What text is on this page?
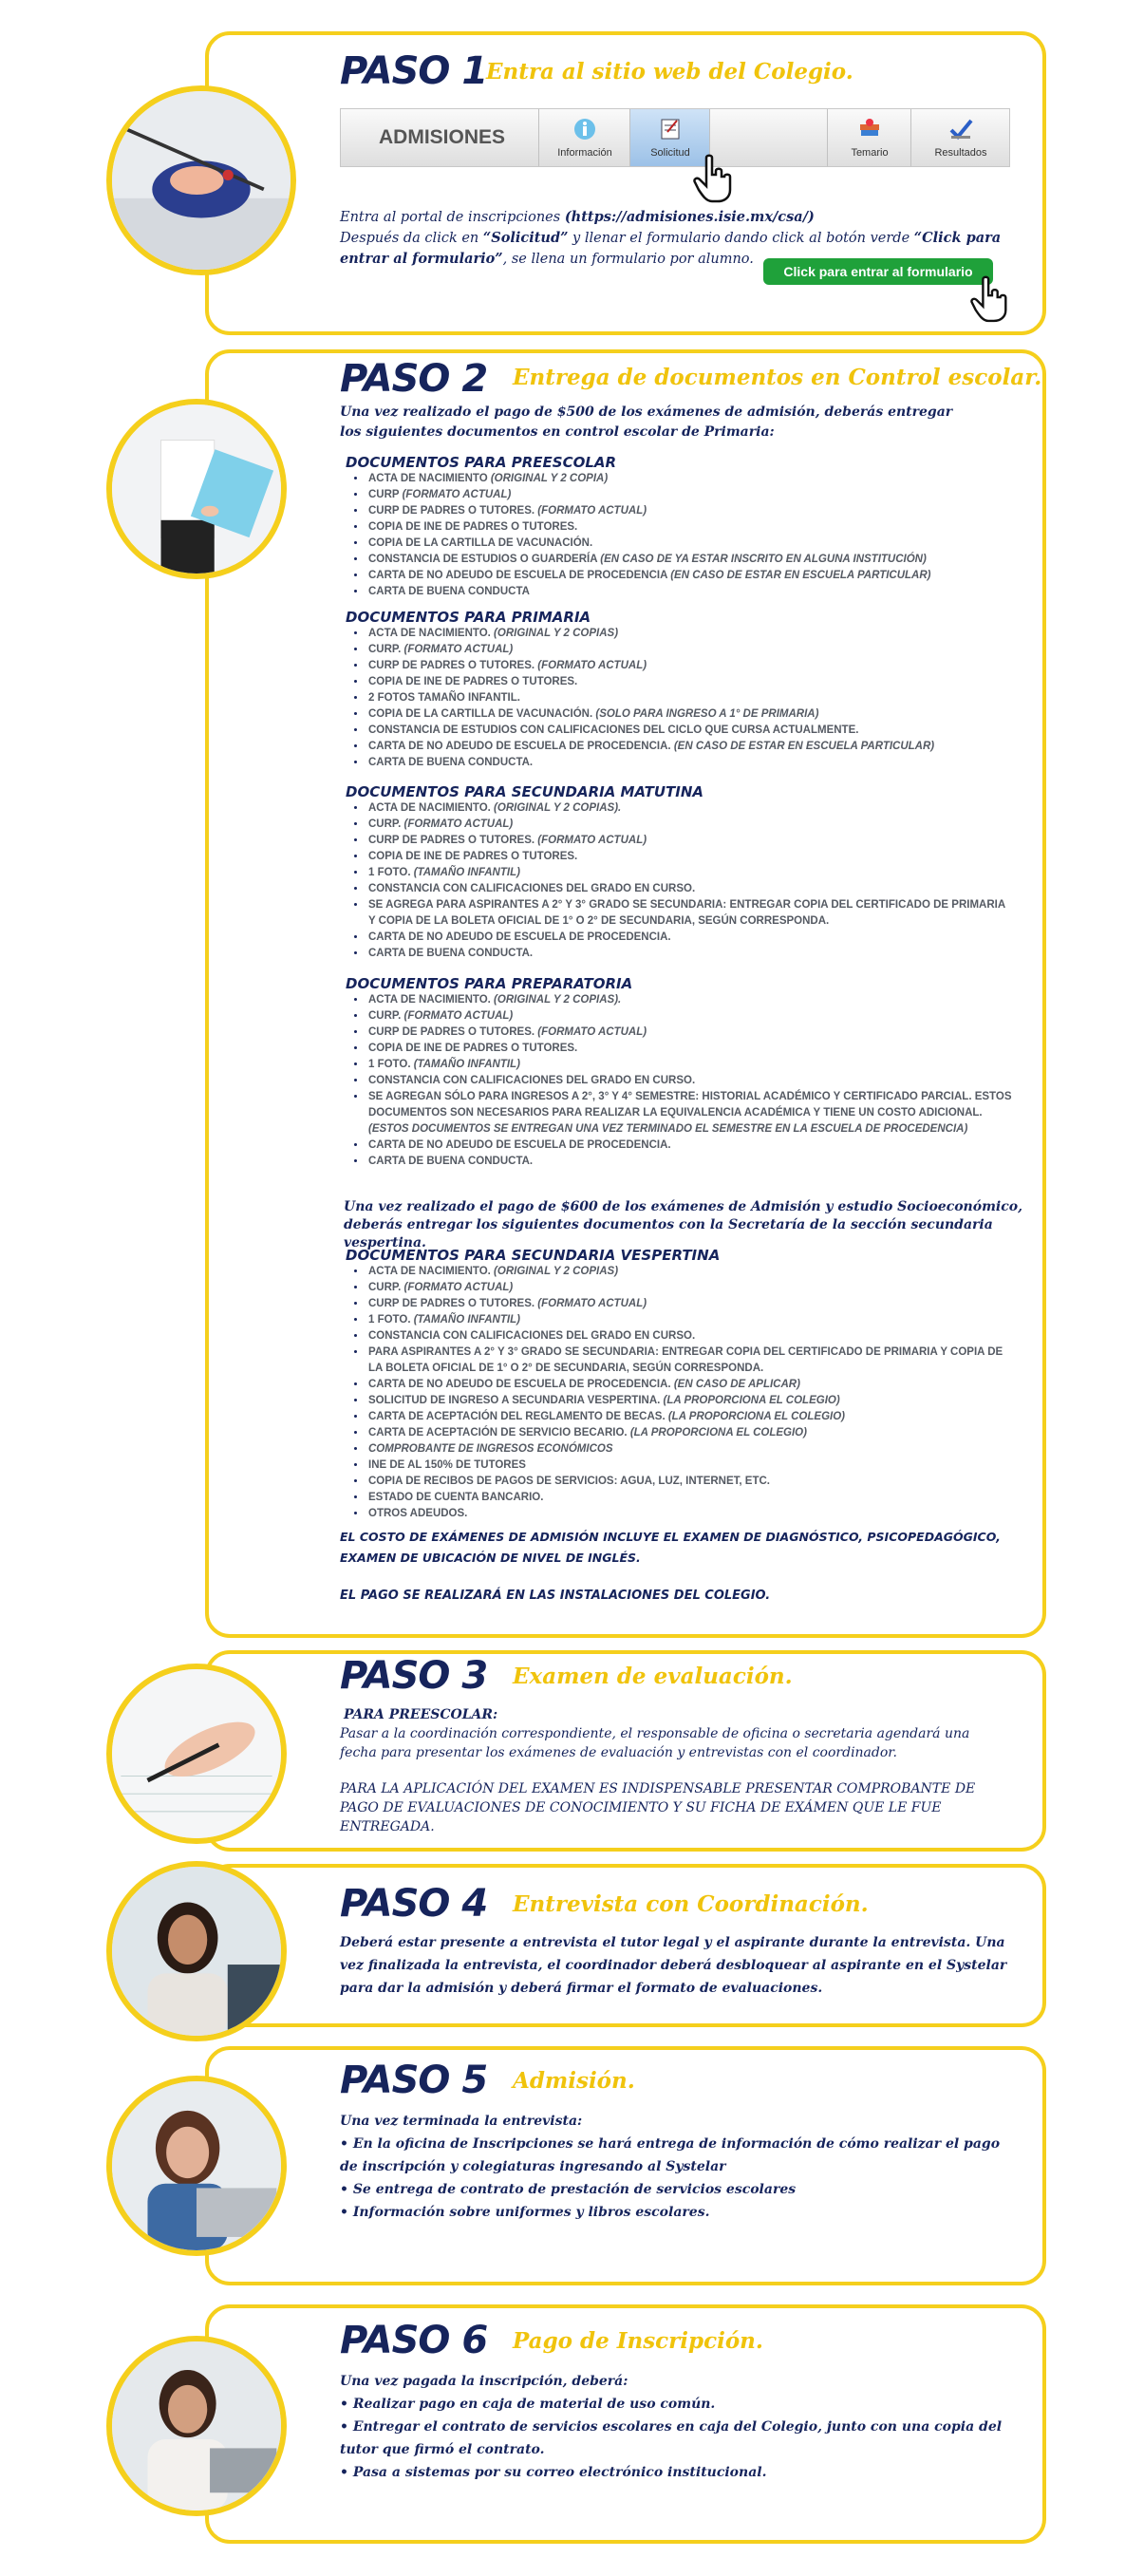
PASO 1
Entra al sitio web del Colegio.
ADMISIONES
Información	Solicitud	Temario	Resultados
Entra al portal de inscripciones (https://admisiones.isie.mx/csa/)
Después da click en “Solicitud” y llenar el formulario dando click al botón verde “Click para
entrar al formulario”, se llena un formulario por alumno.
Click para entrar al formulario
PASO 2 Entrega de documentos en Control escolar.
Una vez realizado el pago de $500 de los exámenes de admisión, deberás entregar
los siguientes documentos en control escolar de Primaria:
DOCUMENTOS PARA PREESCOLAR
• ACTA DE NACIMIENTO (ORIGINAL Y 2 COPIA)
• CURP (FORMATO ACTUAL)
• CURP DE PADRES O TUTORES. (FORMATO ACTUAL)
• COPIA DE INE DE PADRES O TUTORES.
• COPIA DE LA CARTILLA DE VACUNACIÓN.
• CONSTANCIA DE ESTUDIOS O GUARDERÍA (EN CASO DE YA ESTAR INSCRITO EN ALGUNA INSTITUCIÓN)
• CARTA DE NO ADEUDO DE ESCUELA DE PROCEDENCIA (EN CASO DE ESTAR EN ESCUELA PARTICULAR)
• CARTA DE BUENA CONDUCTA
DOCUMENTOS PARA PRIMARIA
• ACTA DE NACIMIENTO. (ORIGINAL Y 2 COPIAS)
• CURP. (FORMATO ACTUAL)
• CURP DE PADRES O TUTORES. (FORMATO ACTUAL)
• COPIA DE INE DE PADRES O TUTORES.
• 2 FOTOS TAMAÑO INFANTIL.
• COPIA DE LA CARTILLA DE VACUNACIÓN. (SOLO PARA INGRESO A 1° DE PRIMARIA)
• CONSTANCIA DE ESTUDIOS CON CALIFICACIONES DEL CICLO QUE CURSA ACTUALMENTE.
• CARTA DE NO ADEUDO DE ESCUELA DE PROCEDENCIA. (EN CASO DE ESTAR EN ESCUELA PARTICULAR)
• CARTA DE BUENA CONDUCTA.
DOCUMENTOS PARA SECUNDARIA MATUTINA
• ACTA DE NACIMIENTO. (ORIGINAL Y 2 COPIAS).
• CURP. (FORMATO ACTUAL)
• CURP DE PADRES O TUTORES. (FORMATO ACTUAL)
• COPIA DE INE DE PADRES O TUTORES.
• 1 FOTO. (TAMAÑO INFANTIL)
• CONSTANCIA CON CALIFICACIONES DEL GRADO EN CURSO.
• SE AGREGA PARA ASPIRANTES A 2° Y 3° GRADO SE SECUNDARIA: ENTREGAR COPIA DEL CERTIFICADO DE PRIMARIA Y COPIA DE LA BOLETA OFICIAL DE 1° O 2° DE SECUNDARIA, SEGÚN CORRESPONDA.
• CARTA DE NO ADEUDO DE ESCUELA DE PROCEDENCIA.
• CARTA DE BUENA CONDUCTA.
DOCUMENTOS PARA PREPARATORIA
• ACTA DE NACIMIENTO. (ORIGINAL Y 2 COPIAS).
• CURP. (FORMATO ACTUAL)
• CURP DE PADRES O TUTORES. (FORMATO ACTUAL)
• COPIA DE INE DE PADRES O TUTORES.
• 1 FOTO. (TAMAÑO INFANTIL)
• CONSTANCIA CON CALIFICACIONES DEL GRADO EN CURSO.
• SE AGREGAN SÓLO PARA INGRESOS A 2°, 3° Y 4° SEMESTRE: HISTORIAL ACADÉMICO Y CERTIFICADO PARCIAL. ESTOS DOCUMENTOS SON NECESARIOS PARA REALIZAR LA EQUIVALENCIA ACADÉMICA Y TIENE UN COSTO ADICIONAL. (ESTOS DOCUMENTOS SE ENTREGAN UNA VEZ TERMINADO EL SEMESTRE EN LA ESCUELA DE PROCEDENCIA)
• CARTA DE NO ADEUDO DE ESCUELA DE PROCEDENCIA.
• CARTA DE BUENA CONDUCTA.
Una vez realizado el pago de $600 de los exámenes de Admisión y estudio Socioeconómico,
deberás entregar los siguientes documentos con la Secretaría de la sección secundaria vespertina.
DOCUMENTOS PARA SECUNDARIA VESPERTINA
• ACTA DE NACIMIENTO. (ORIGINAL Y 2 COPIAS)
• CURP. (FORMATO ACTUAL)
• CURP DE PADRES O TUTORES. (FORMATO ACTUAL)
• 1 FOTO. (TAMAÑO INFANTIL)
• CONSTANCIA CON CALIFICACIONES DEL GRADO EN CURSO.
• PARA ASPIRANTES A 2° Y 3° GRADO SE SECUNDARIA: ENTREGAR COPIA DEL CERTIFICADO DE PRIMARIA Y COPIA DE LA BOLETA OFICIAL DE 1° O 2° DE SECUNDARIA, SEGÚN CORRESPONDA.
• CARTA DE NO ADEUDO DE ESCUELA DE PROCEDENCIA. (EN CASO DE APLICAR)
• SOLICITUD DE INGRESO A SECUNDARIA VESPERTINA. (LA PROPORCIONA EL COLEGIO)
• CARTA DE ACEPTACIÓN DEL REGLAMENTO DE BECAS. (LA PROPORCIONA EL COLEGIO)
• CARTA DE ACEPTACIÓN DE SERVICIO BECARIO. (LA PROPORCIONA EL COLEGIO)
• COMPROBANTE DE INGRESOS ECONÓMICOS
• INE DE AL 150% DE TUTORES
• COPIA DE RECIBOS DE PAGOS DE SERVICIOS: AGUA, LUZ, INTERNET, ETC.
• ESTADO DE CUENTA BANCARIO.
• OTROS ADEUDOS.
EL COSTO DE EXÁMENES DE ADMISIÓN INCLUYE EL EXAMEN DE DIAGNÓSTICO, PSICOPEDAGÓGICO,
EXAMEN DE UBICACIÓN DE NIVEL DE INGLÉS.
EL PAGO SE REALIZARÁ EN LAS INSTALACIONES DEL COLEGIO.
PASO 3 Examen de evaluación.
PARA PREESCOLAR:
Pasar a la coordinación correspondiente, el responsable de oficina o secretaria agendará una
fecha para presentar los exámenes de evaluación y entrevistas con el coordinador.
PARA LA APLICACIÓN DEL EXAMEN ES INDISPENSABLE PRESENTAR COMPROBANTE DE
PAGO DE EVALUACIONES DE CONOCIMIENTO Y SU FICHA DE EXÁMEN QUE LE FUE
ENTREGADA.
PASO 4 Entrevista con Coordinación.
Deberá estar presente a entrevista el tutor legal y el aspirante durante la entrevista. Una
vez finalizada la entrevista, el coordinador deberá desbloquear al aspirante en el Systelar
para dar la admisión y deberá firmar el formato de evaluaciones.
PASO 5 Admisión.
Una vez terminada la entrevista:
• En la oficina de Inscripciones se hará entrega de información de cómo realizar el pago
de inscripción y colegiaturas ingresando al Systelar
• Se entrega de contrato de prestación de servicios escolares
• Información sobre uniformes y libros escolares.
PASO 6 Pago de Inscripción.
Una vez pagada la inscripción, deberá:
• Realizar pago en caja de material de uso común.
• Entregar el contrato de servicios escolares en caja del Colegio, junto con una copia del
tutor que firmó el contrato.
• Pasa a sistemas por su correo electrónico institucional.
